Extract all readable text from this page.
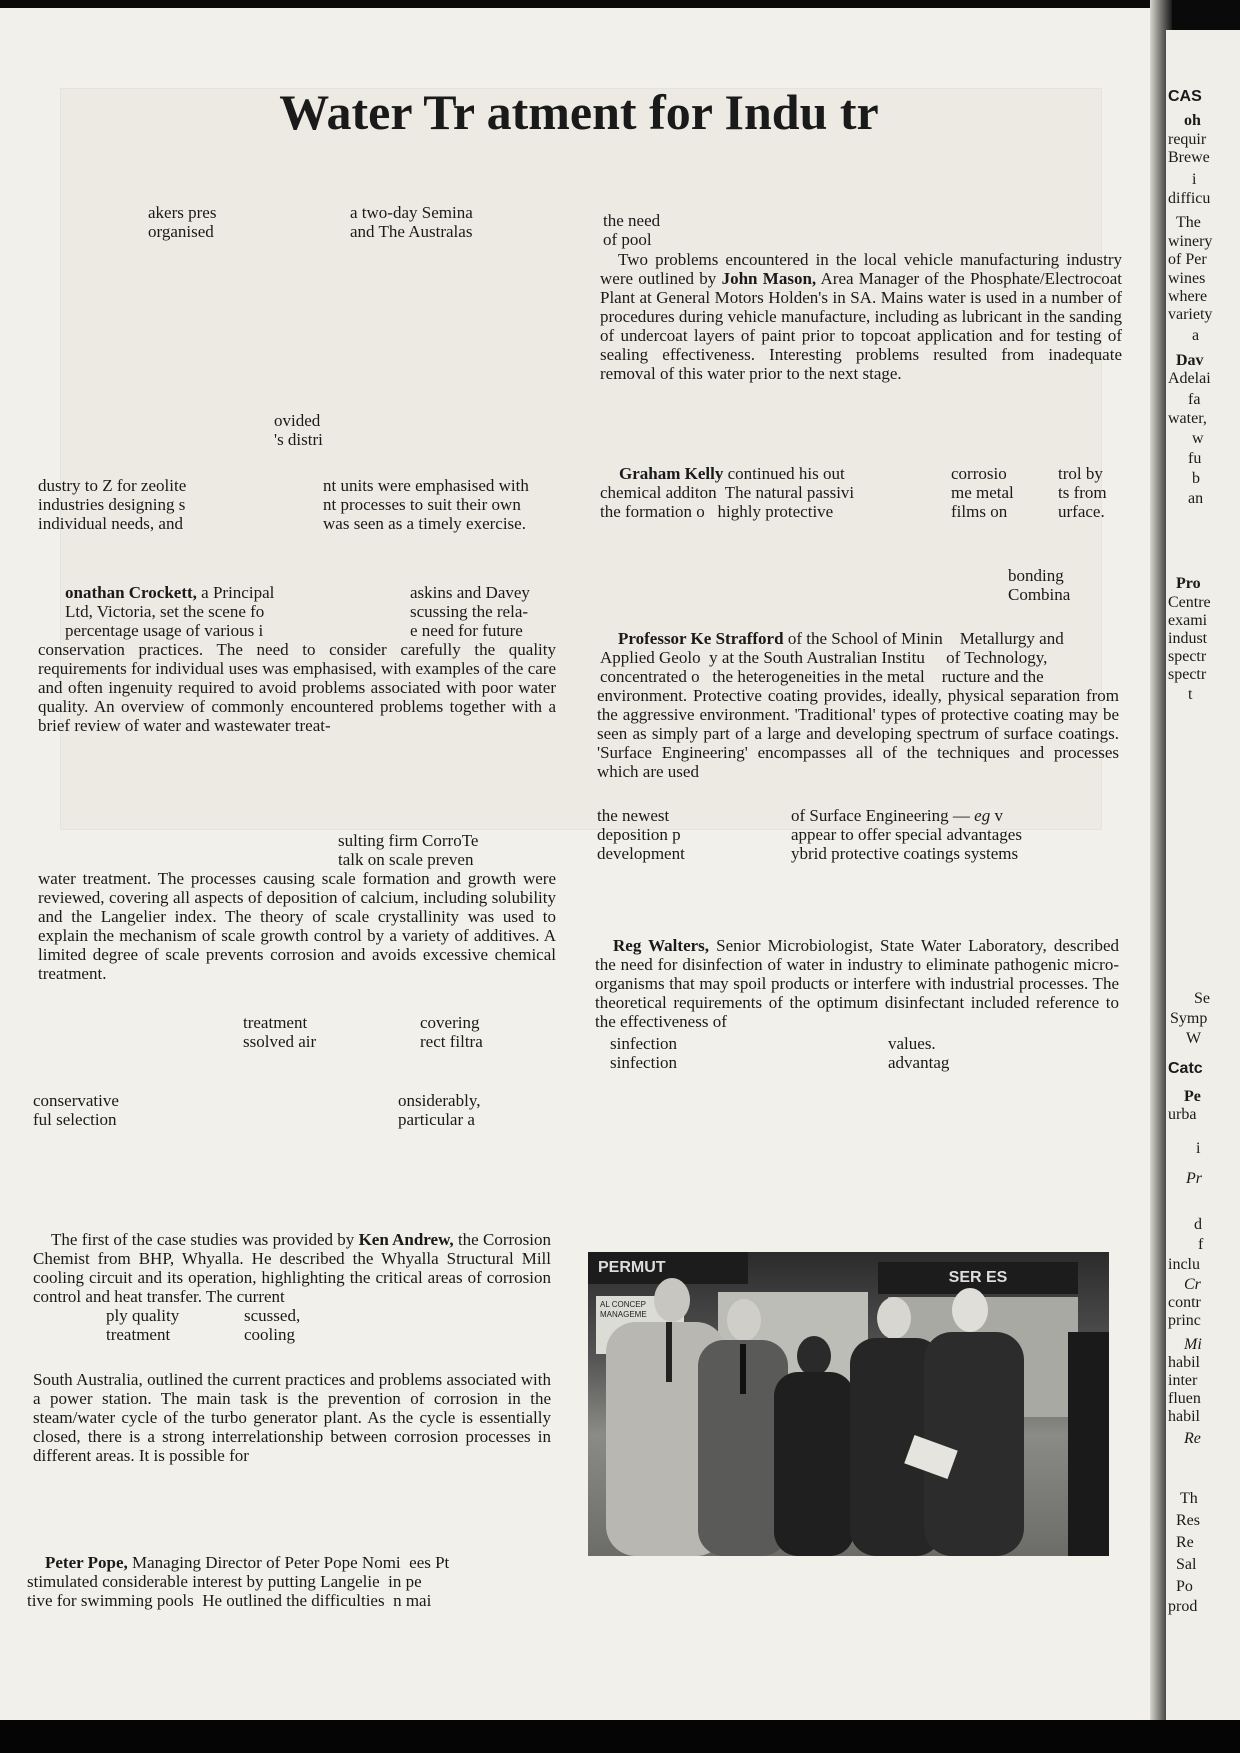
Water Tr atment for Indu tr
akers pres
organised
a two-day Semina
and The Australas
ovided
's distri
dustry to Z for zeolite
industries designing s
individual needs, and
nt units were emphasised with
nt processes to suit their own
was seen as a timely exercise.
onathan Crockett, a Principal
Ltd, Victoria, set the scene fo
percentage usage of various i
askins and Davey
scussing the rela-
e need for future
conservation practices. The need to consider carefully the quality requirements for individual uses was emphasised, with examples of the care and often ingenuity required to avoid problems associated with poor water quality. An overview of commonly encountered problems together with a brief review of water and wastewater treat-
sulting firm CorroTe
talk on scale preven
water treatment. The processes causing scale formation and growth were reviewed, covering all aspects of deposition of calcium, including solubility and the Langelier index. The theory of scale crystallinity was used to explain the mechanism of scale growth control by a variety of additives. A limited degree of scale prevents corrosion and avoids excessive chemical treatment.
treatment
ssolved air
covering
rect filtra
conservative
ful selection
onsiderably,
particular a

The first of the case studies was provided by Ken Andrew, the Corrosion Chemist from BHP, Whyalla. He described the Whyalla Structural Mill cooling circuit and its operation, highlighting the critical areas of corrosion control and heat transfer. The current

ply quality
treatment
scussed,
cooling
South Australia, outlined the current practices and problems associated with a power station. The main task is the prevention of corrosion in the steam/water cycle of the turbo generator plant. As the cycle is essentially closed, there is a strong interrelationship between corrosion processes in different areas. It is possible for
Peter Pope, Managing Director of Peter Pope Nomi  ees Pt
stimulated considerable interest by putting Langelie  in pe
tive for swimming pools  He outlined the difficulties  n mai
the need
of pool

Two problems encountered in the local vehicle manufacturing industry were outlined by John Mason, Area Manager of the Phosphate/Electrocoat Plant at General Motors Holden's in SA. Mains water is used in a number of procedures during vehicle manufacture, including as lubricant in the sanding of undercoat layers of paint prior to topcoat application and for testing of sealing effectiveness. Interesting problems resulted from inadequate removal of this water prior to the next stage.

Graham Kelly continued his out
chemical additon  The natural passivi
the formation o   highly protective
corrosio
me metal
films on
trol by
ts from
urface.
bonding
Combina
Professor Ke Strafford of the School of Minin    Metallurgy and
Applied Geolo  y at the South Australian Institu     of Technology,
concentrated o   the heterogeneities in the metal    ructure and the
environment. Protective coating provides, ideally, physical separation from the aggressive environment. 'Traditional' types of protective coating may be seen as simply part of a large and developing spectrum of surface coatings. 'Surface Engineering' encompasses all of the techniques and processes which are used
the newest
deposition p
development
of Surface Engineering — eg v
appear to offer special advantages
ybrid protective coatings systems

Reg Walters, Senior Microbiologist, State Water Laboratory, described the need for disinfection of water in industry to eliminate pathogenic micro-organisms that may spoil products or interfere with industrial processes. The theoretical requirements of the optimum disinfectant included reference to the effectiveness of

sinfection
sinfection
values.
advantag
PERMUT
SER ES
AL CONCEP
MANAGEME
CAS
oh
requir
Brewe
i
difficu
The
winery
of Per
wines
where
variety
a
Dav
Adelai
fa
water,
w
fu
b
an
Pro
Centre
exami
indust
spectr
spectr
t
Se
Symp
W
Catc
Pe
urba
i
Pr
d
f
inclu
Cr
contr
princ
Mi
habil
inter
fluen
habil
Re
Th
Res
Re
Sal
Po
prod
